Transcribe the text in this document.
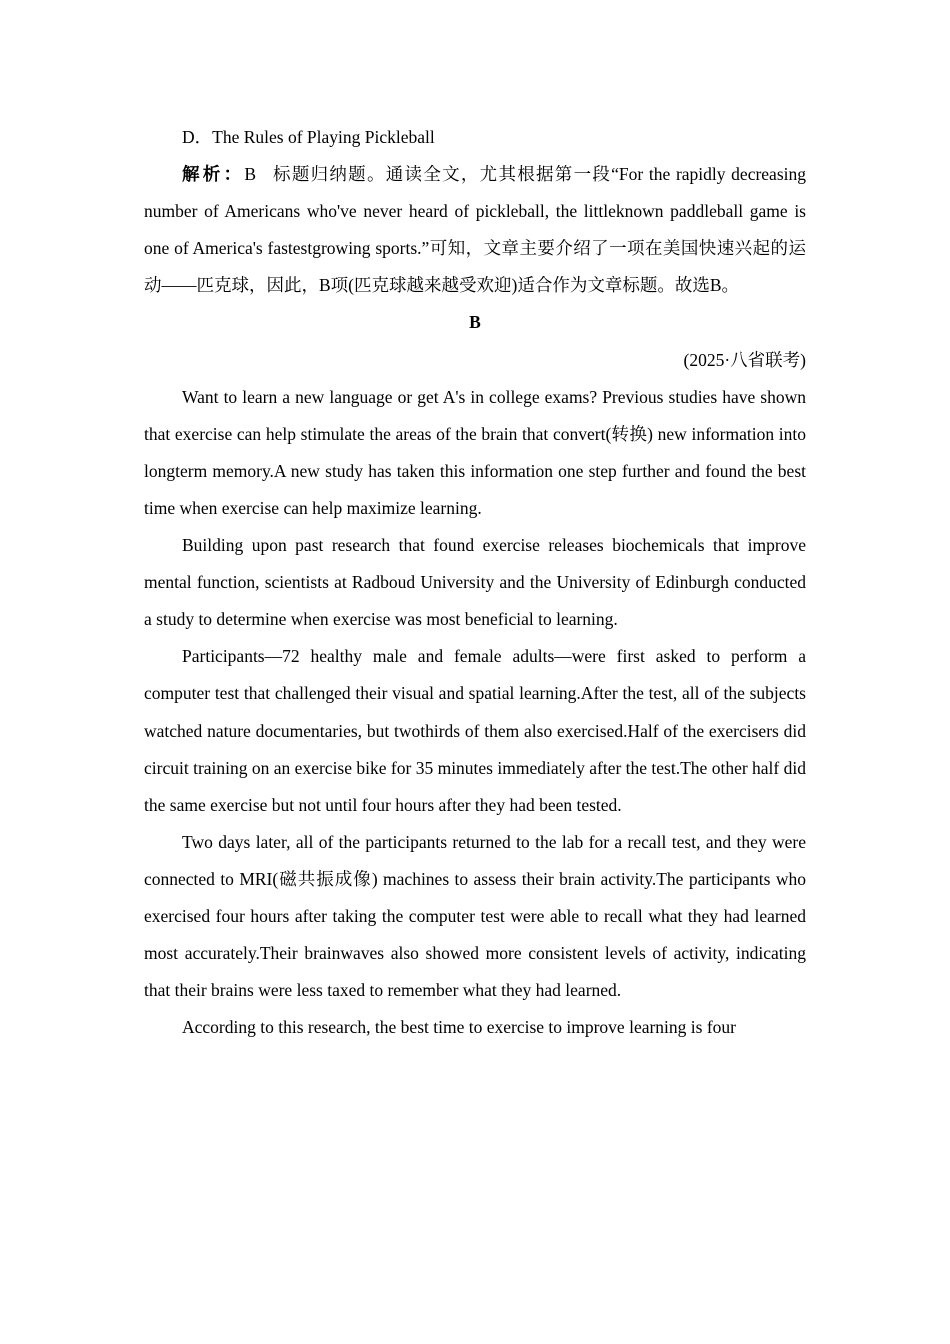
D．The Rules of Playing Pickleball

解析：B 标题归纳题。通读全文，尤其根据第一段“For the rapidly decreasing number of Americans who've never heard of pickleball, the littleknown paddleball game is one of America's fastestgrowing sports.”可知，文章主要介绍了一项在美国快速兴起的运动——匹克球，因此，B项(匹克球越来越受欢迎)适合作为文章标题。故选B。

B

(2025·八省联考)

Want to learn a new language or get A's in college exams? Previous studies have shown that exercise can help stimulate the areas of the brain that convert(转换) new information into longterm memory.A new study has taken this information one step further and found the best time when exercise can help maximize learning.

Building upon past research that found exercise releases biochemicals that improve mental function, scientists at Radboud University and the University of Edinburgh conducted a study to determine when exercise was most beneficial to learning.

Participants—72 healthy male and female adults—were first asked to perform a computer test that challenged their visual and spatial learning.After the test, all of the subjects watched nature documentaries, but twothirds of them also exercised.Half of the exercisers did circuit training on an exercise bike for 35 minutes immediately after the test.The other half did the same exercise but not until four hours after they had been tested.

Two days later, all of the participants returned to the lab for a recall test, and they were connected to MRI(磁共振成像) machines to assess their brain activity.The participants who exercised four hours after taking the computer test were able to recall what they had learned most accurately.Their brainwaves also showed more consistent levels of activity, indicating that their brains were less taxed to remember what they had learned.

According to this research, the best time to exercise to improve learning is four
